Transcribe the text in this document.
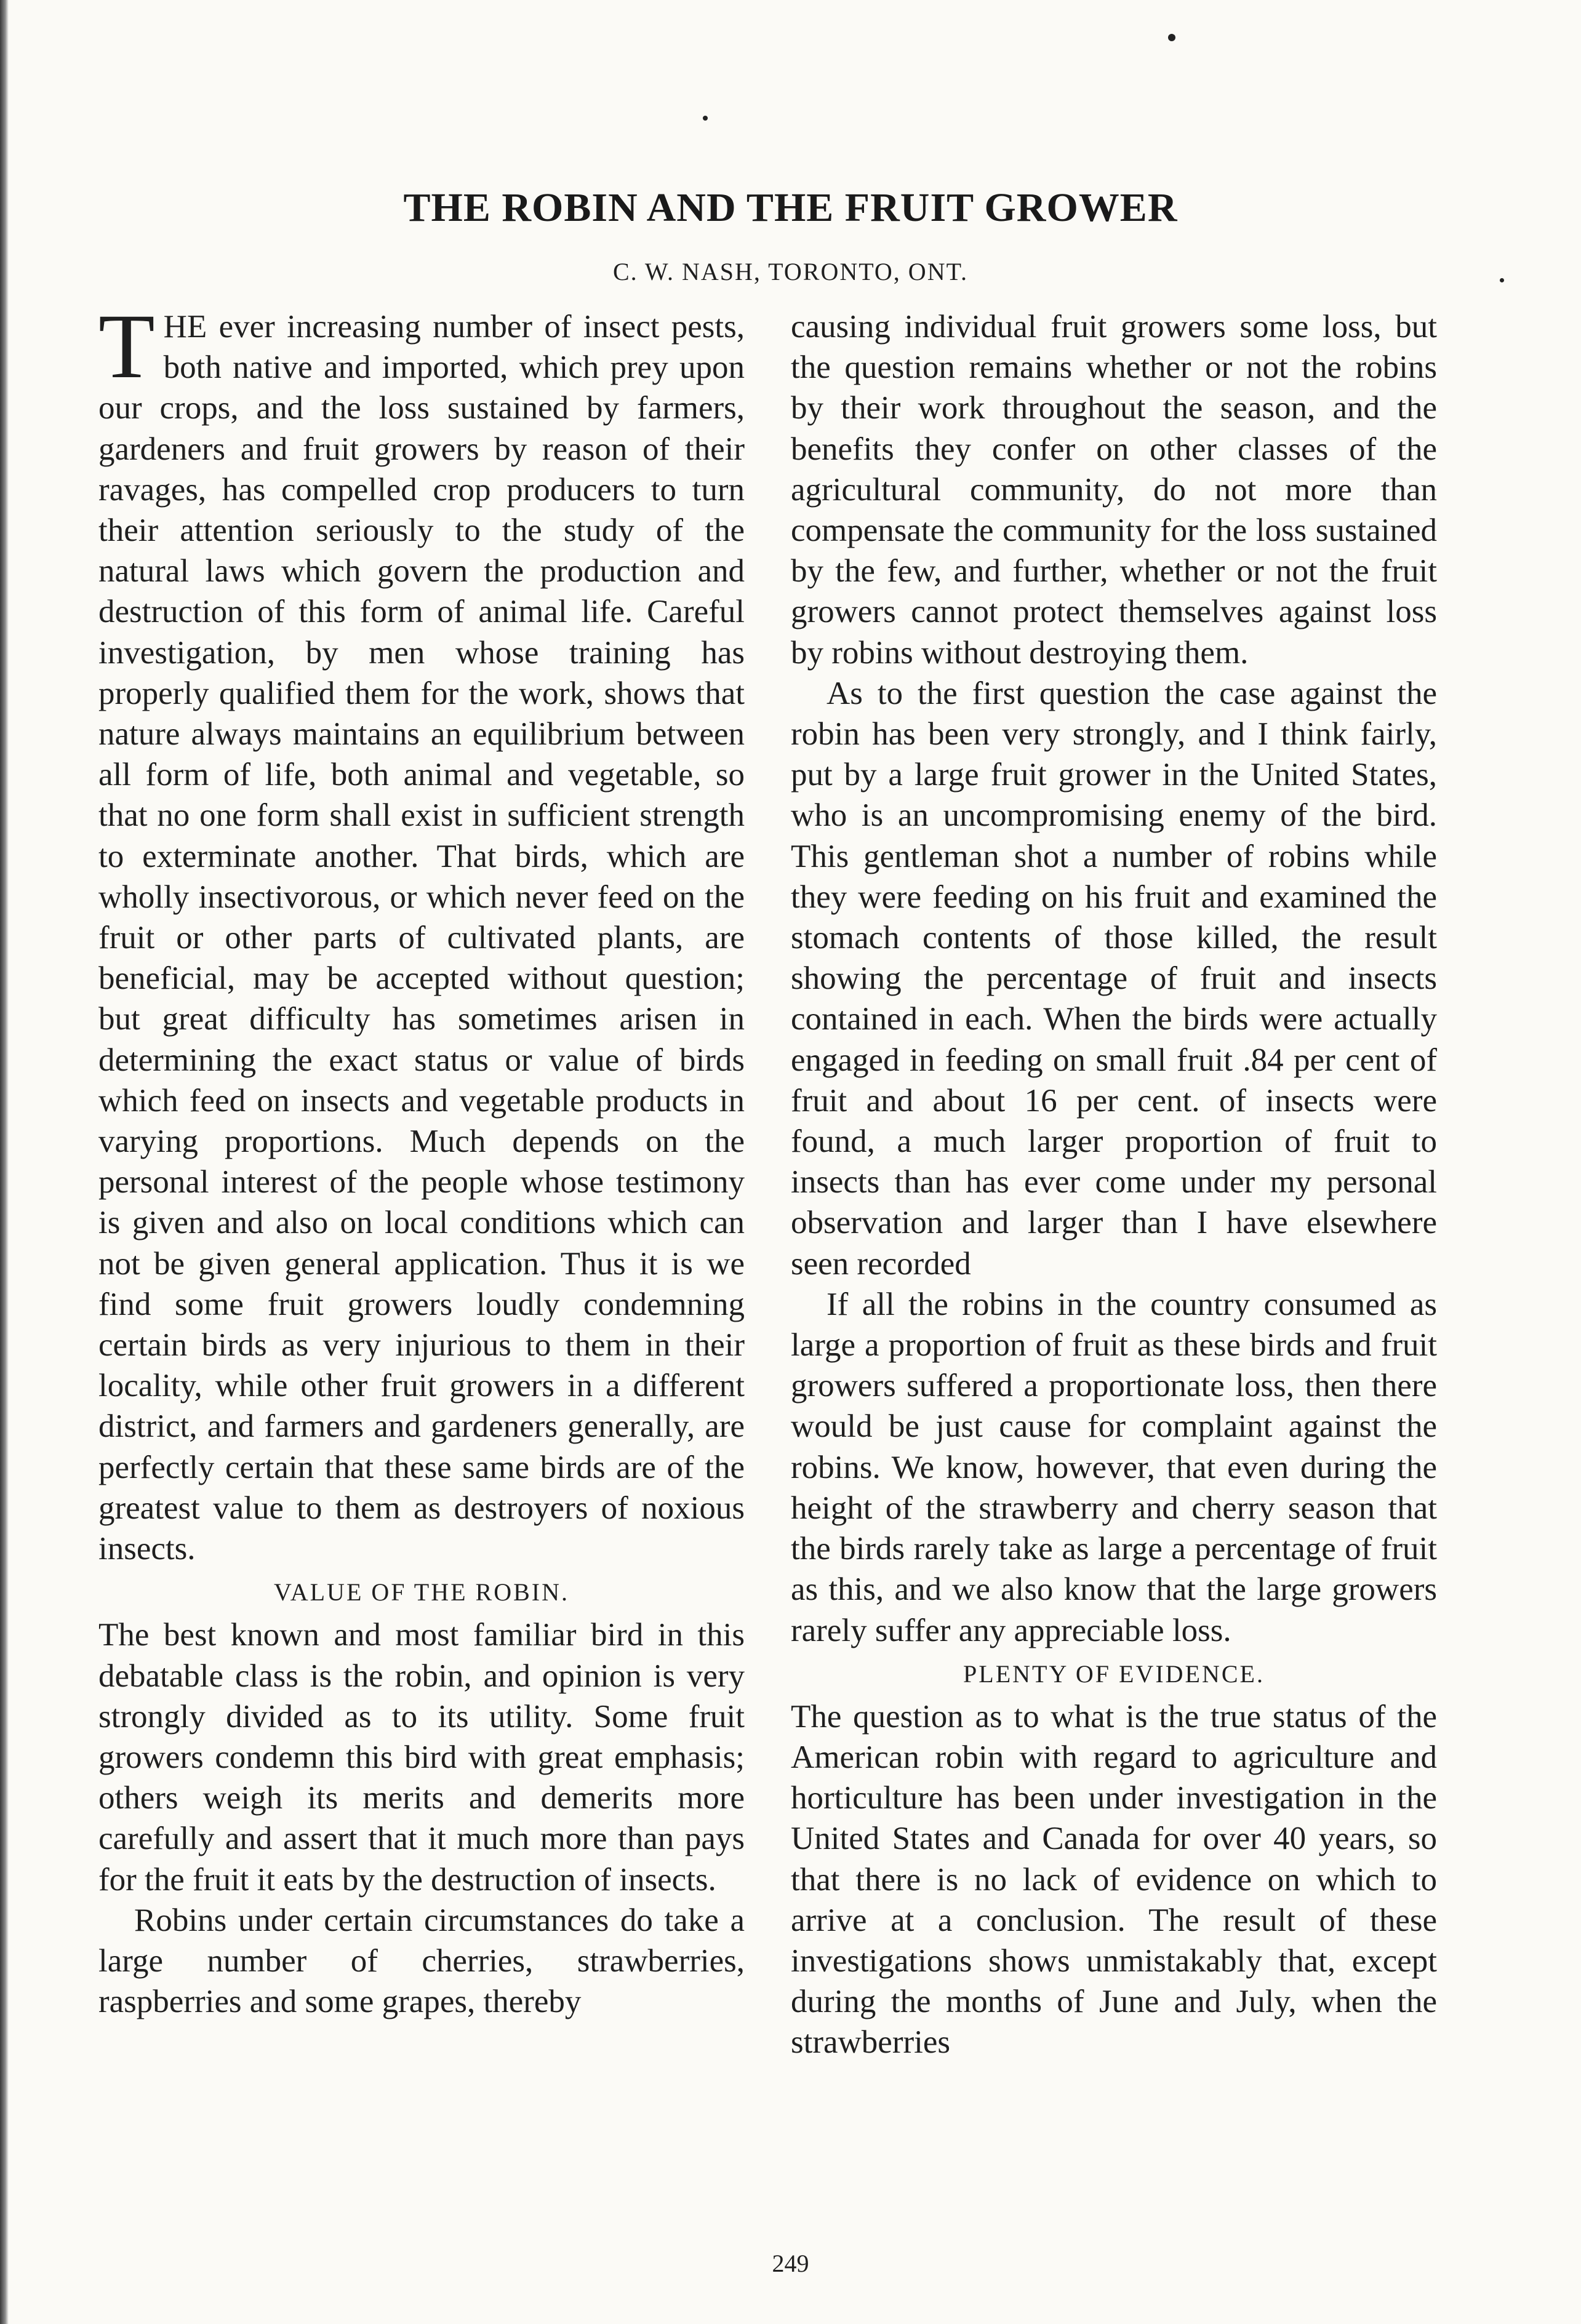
THE ROBIN AND THE FRUIT GROWER
C. W. NASH, TORONTO, ONT.

THE ever increasing number of insect pests, both native and imported, which prey upon our crops, and the loss sustained by farmers, gardeners and fruit growers by reason of their ravages, has compelled crop producers to turn their attention seriously to the study of the natural laws which govern the production and destruction of this form of animal life. Careful investigation, by men whose training has properly qualified them for the work, shows that nature always maintains an equilibrium between all form of life, both animal and vegetable, so that no one form shall exist in sufficient strength to exterminate another. That birds, which are wholly insectivorous, or which never feed on the fruit or other parts of cultivated plants, are beneficial, may be accepted without question; but great difficulty has sometimes arisen in determining the exact status or value of birds which feed on insects and vegetable products in varying proportions. Much depends on the personal interest of the people whose testimony is given and also on local conditions which can not be given general application. Thus it is we find some fruit growers loudly condemning certain birds as very injurious to them in their locality, while other fruit growers in a different district, and farmers and gardeners generally, are perfectly certain that these same birds are of the greatest value to them as destroyers of noxious insects.

VALUE OF THE ROBIN.

The best known and most familiar bird in this debatable class is the robin, and opinion is very strongly divided as to its utility. Some fruit growers condemn this bird with great emphasis; others weigh its merits and demerits more carefully and assert that it much more than pays for the fruit it eats by the destruction of insects.

Robins under certain circumstances do take a large number of cherries, strawberries, raspberries and some grapes, thereby

causing individual fruit growers some loss, but the question remains whether or not the robins by their work throughout the season, and the benefits they confer on other classes of the agricultural community, do not more than compensate the community for the loss sustained by the few, and further, whether or not the fruit growers cannot protect themselves against loss by robins without destroying them.

As to the first question the case against the robin has been very strongly, and I think fairly, put by a large fruit grower in the United States, who is an uncompromising enemy of the bird. This gentleman shot a number of robins while they were feeding on his fruit and examined the stomach contents of those killed, the result showing the percentage of fruit and insects contained in each. When the birds were actually engaged in feeding on small fruit .84 per cent of fruit and about 16 per cent. of insects were found, a much larger proportion of fruit to insects than has ever come under my personal observation and larger than I have elsewhere seen recorded

If all the robins in the country consumed as large a proportion of fruit as these birds and fruit growers suffered a proportionate loss, then there would be just cause for complaint against the robins. We know, however, that even during the height of the strawberry and cherry season that the birds rarely take as large a percentage of fruit as this, and we also know that the large growers rarely suffer any appreciable loss.

PLENTY OF EVIDENCE.

The question as to what is the true status of the American robin with regard to agriculture and horticulture has been under investigation in the United States and Canada for over 40 years, so that there is no lack of evidence on which to arrive at a conclusion. The result of these investigations shows unmistakably that, except during the months of June and July, when the strawberries

249
